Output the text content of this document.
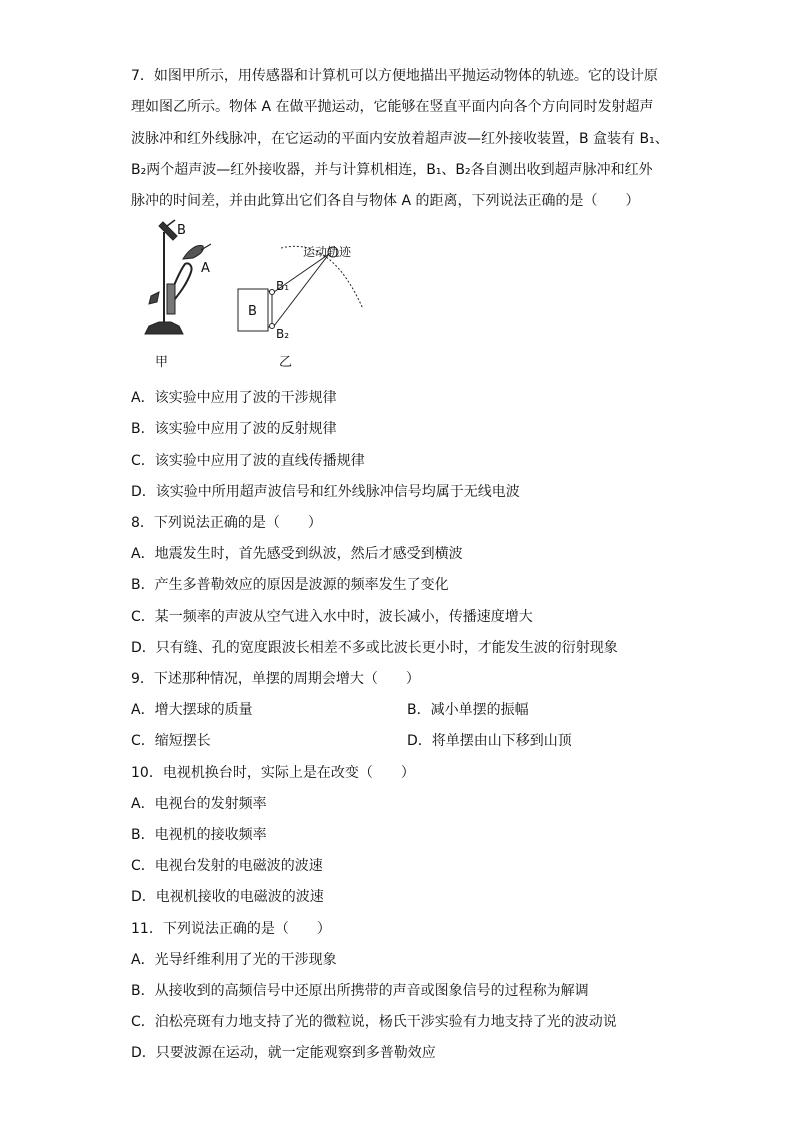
7．如图甲所示，用传感器和计算机可以方便地描出平抛运动物体的轨迹。它的设计原
理如图乙所示。物体 A 在做平抛运动，它能够在竖直平面内向各个方向同时发射超声
波脉冲和红外线脉冲，在它运动的平面内安放着超声波—红外接收装置，B 盒装有 B₁、
B₂两个超声波—红外接收器，并与计算机相连，B₁、B₂各自测出收到超声脉冲和红外
脉冲的时间差，并由此算出它们各自与物体 A 的距离，下列说法正确的是（　　）
B
A
甲
运动轨迹
B
B₁
B₂
乙
A．该实验中应用了波的干涉规律
B．该实验中应用了波的反射规律
C．该实验中应用了波的直线传播规律
D．该实验中所用超声波信号和红外线脉冲信号均属于无线电波
8．下列说法正确的是（　　）
A．地震发生时，首先感受到纵波，然后才感受到横波
B．产生多普勒效应的原因是波源的频率发生了变化
C．某一频率的声波从空气进入水中时，波长减小，传播速度增大
D．只有缝、孔的宽度跟波长相差不多或比波长更小时，才能发生波的衍射现象
9．下述那种情况，单摆的周期会增大（　　）
A．增大摆球的质量	B．减小单摆的振幅
C．缩短摆长	D．将单摆由山下移到山顶
10．电视机换台时，实际上是在改变（　　）
A．电视台的发射频率
B．电视机的接收频率
C．电视台发射的电磁波的波速
D．电视机接收的电磁波的波速
11．下列说法正确的是（　　）
A．光导纤维利用了光的干涉现象
B．从接收到的高频信号中还原出所携带的声音或图象信号的过程称为解调
C．泊松亮斑有力地支持了光的微粒说，杨氏干涉实验有力地支持了光的波动说
D．只要波源在运动，就一定能观察到多普勒效应
